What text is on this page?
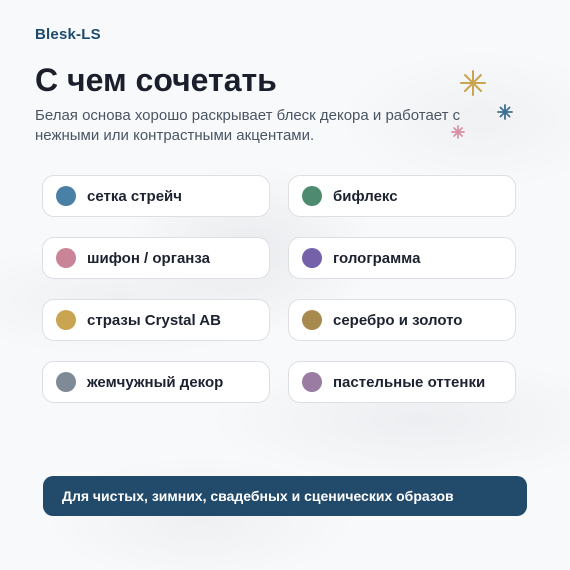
Blesk-LS
С чем сочетать

Белая основа хорошо раскрывает блеск декора и работает с нежными или контрастными акцентами.

сетка стрейч	бифлекс
шифон / органза	голограмма
стразы Crystal AB	серебро и золото
жемчужный декор	пастельные оттенки
Для чистых, зимних, свадебных и сценических образов
